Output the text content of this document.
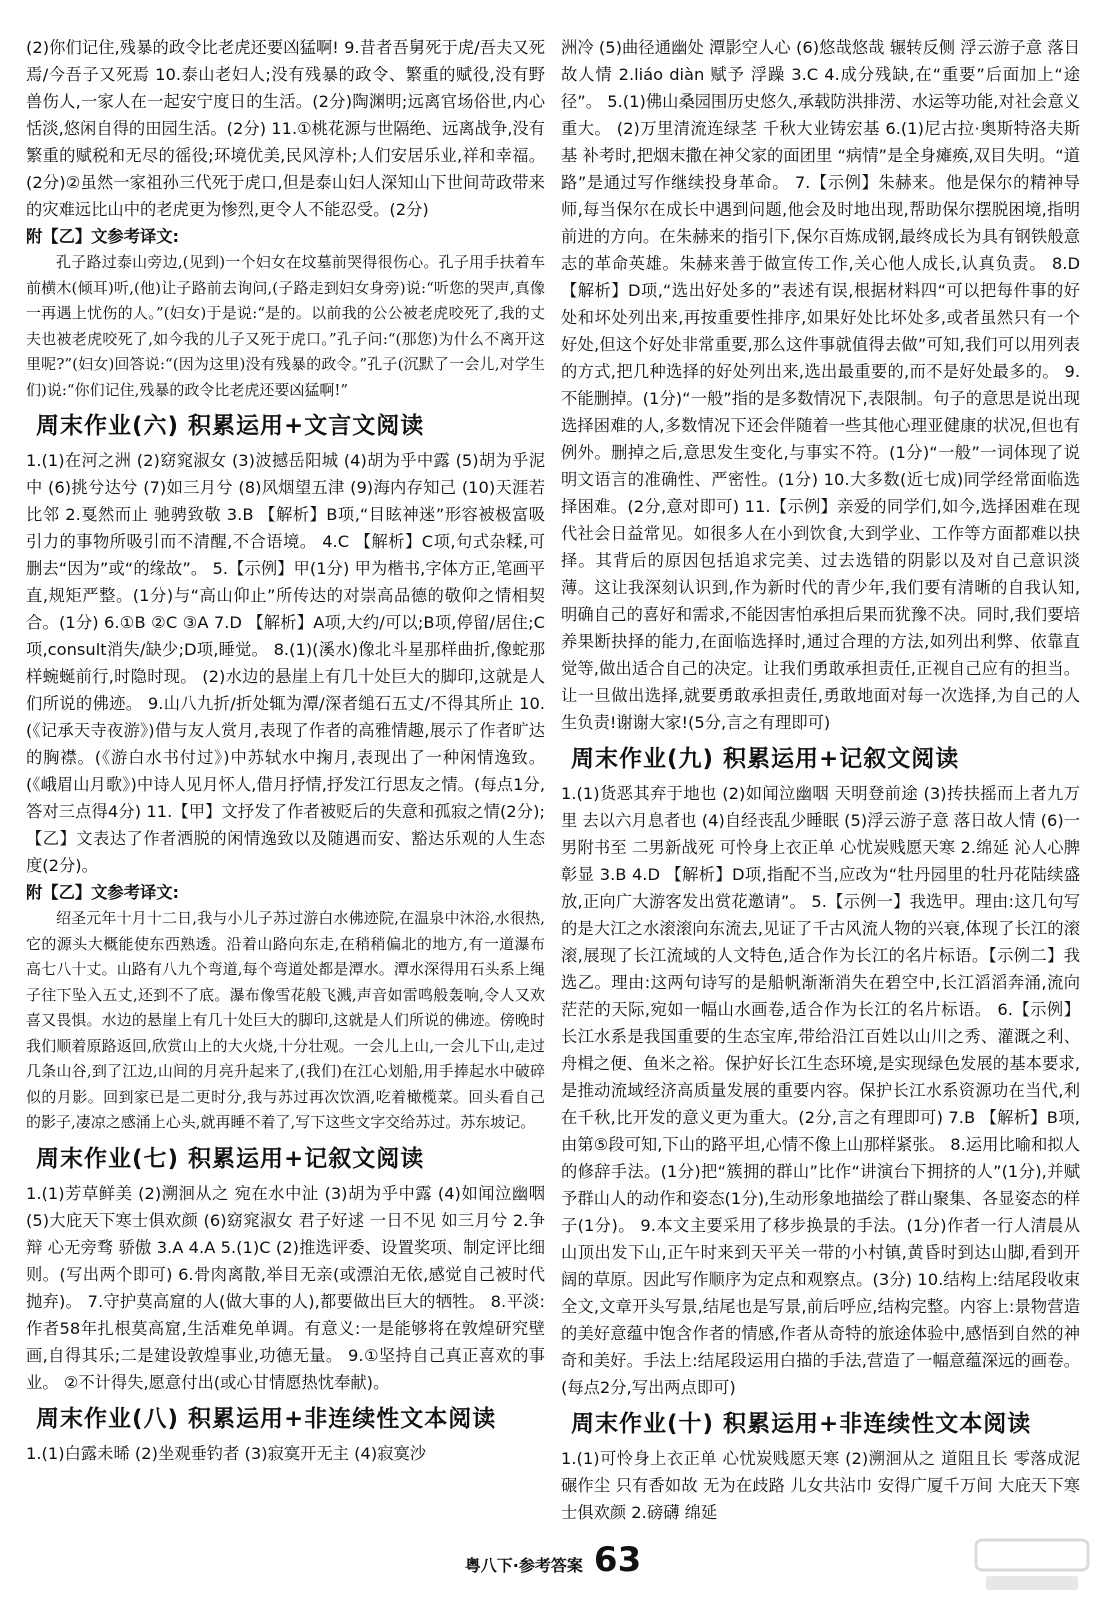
(2)你们记住,残暴的政令比老虎还要凶猛啊! 9.昔者吾舅死于虎/吾夫又死焉/今吾子又死焉 10.泰山老妇人;没有残暴的政令、繁重的赋役,没有野兽伤人,一家人在一起安宁度日的生活。(2分)陶渊明;远离官场俗世,内心恬淡,悠闲自得的田园生活。(2分) 11.①桃花源与世隔绝、远离战争,没有繁重的赋税和无尽的徭役;环境优美,民风淳朴;人们安居乐业,祥和幸福。(2分)②虽然一家祖孙三代死于虎口,但是泰山妇人深知山下世间苛政带来的灾难远比山中的老虎更为惨烈,更令人不能忍受。(2分)

附【乙】文参考译文:

孔子路过泰山旁边,(见到)一个妇女在坟墓前哭得很伤心。孔子用手扶着车前横木(倾耳)听,(他)让子路前去询问,(子路走到妇女身旁)说:“听您的哭声,真像一再遇上忧伤的人。”(妇女)于是说:“是的。以前我的公公被老虎咬死了,我的丈夫也被老虎咬死了,如今我的儿子又死于虎口。”孔子问:“(那您)为什么不离开这里呢?”(妇女)回答说:“(因为这里)没有残暴的政令。”孔子(沉默了一会儿,对学生们)说:“你们记住,残暴的政令比老虎还要凶猛啊!”

周末作业(六) 积累运用+文言文阅读

1.(1)在河之洲 (2)窈窕淑女 (3)波撼岳阳城 (4)胡为乎中露 (5)胡为乎泥中 (6)挑兮达兮 (7)如三月兮 (8)风烟望五津 (9)海内存知己 (10)天涯若比邻 2.戛然而止 驰骋致敬 3.B 【解析】B项,“目眩神迷”形容被极富吸引力的事物所吸引而不清醒,不合语境。 4.C 【解析】C项,句式杂糅,可删去“因为”或“的缘故”。 5.【示例】甲(1分) 甲为楷书,字体方正,笔画平直,规矩严整。(1分)与“高山仰止”所传达的对崇高品德的敬仰之情相契合。(1分) 6.①B ②C ③A 7.D 【解析】A项,大约/可以;B项,停留/居住;C项,consult消失/缺少;D项,睡觉。 8.(1)(溪水)像北斗星那样曲折,像蛇那样蜿蜒前行,时隐时现。 (2)水边的悬崖上有几十处巨大的脚印,这就是人们所说的佛迹。 9.山八九折/折处辄为潭/深者缒石五丈/不得其所止 10.(《记承天寺夜游》)借与友人赏月,表现了作者的高雅情趣,展示了作者旷达的胸襟。(《游白水书付过》)中苏轼水中掬月,表现出了一种闲情逸致。(《峨眉山月歌》)中诗人见月怀人,借月抒情,抒发江行思友之情。(每点1分,答对三点得4分) 11.【甲】文抒发了作者被贬后的失意和孤寂之情(2分);【乙】文表达了作者洒脱的闲情逸致以及随遇而安、豁达乐观的人生态度(2分)。

附【乙】文参考译文:

绍圣元年十月十二日,我与小儿子苏过游白水佛迹院,在温泉中沐浴,水很热,它的源头大概能使东西熟透。沿着山路向东走,在稍稍偏北的地方,有一道瀑布高七八十丈。山路有八九个弯道,每个弯道处都是潭水。潭水深得用石头系上绳子往下坠入五丈,还到不了底。瀑布像雪花般飞溅,声音如雷鸣般轰响,令人又欢喜又畏惧。水边的悬崖上有几十处巨大的脚印,这就是人们所说的佛迹。傍晚时我们顺着原路返回,欣赏山上的大火烧,十分壮观。一会儿上山,一会儿下山,走过几条山谷,到了江边,山间的月亮升起来了,(我们)在江心划船,用手捧起水中破碎似的月影。回到家已是二更时分,我与苏过再次饮酒,吃着橄榄菜。回头看自己的影子,凄凉之感涌上心头,就再睡不着了,写下这些文字交给苏过。苏东坡记。

周末作业(七) 积累运用+记叙文阅读

1.(1)芳草鲜美 (2)溯洄从之 宛在水中沚 (3)胡为乎中露 (4)如闻泣幽咽 (5)大庇天下寒士俱欢颜 (6)窈窕淑女 君子好逑 一日不见 如三月兮 2.争辩 心无旁骛 骄傲 3.A 4.A 5.(1)C (2)推选评委、设置奖项、制定评比细则。(写出两个即可) 6.骨肉离散,举目无亲(或漂泊无依,感觉自己被时代抛弃)。 7.守护莫高窟的人(做大事的人),都要做出巨大的牺牲。 8.平淡:作者58年扎根莫高窟,生活难免单调。有意义:一是能够将在敦煌研究壁画,自得其乐;二是建设敦煌事业,功德无量。 9.①坚持自己真正喜欢的事业。 ②不计得失,愿意付出(或心甘情愿热忱奉献)。

周末作业(八) 积累运用+非连续性文本阅读

1.(1)白露未晞 (2)坐观垂钓者 (3)寂寞开无主 (4)寂寞沙

洲冷 (5)曲径通幽处 潭影空人心 (6)悠哉悠哉 辗转反侧 浮云游子意 落日故人情 2.liáo diàn 赋予 浮躁 3.C 4.成分残缺,在“重要”后面加上“途径”。 5.(1)佛山桑园围历史悠久,承载防洪排涝、水运等功能,对社会意义重大。 (2)万里清流连绿茎 千秋大业铸宏基 6.(1)尼古拉·奥斯特洛夫斯基 补考时,把烟末撒在神父家的面团里 “病情”是全身瘫痪,双目失明。“道路”是通过写作继续投身革命。 7.【示例】朱赫来。他是保尔的精神导师,每当保尔在成长中遇到问题,他会及时地出现,帮助保尔摆脱困境,指明前进的方向。在朱赫来的指引下,保尔百炼成钢,最终成长为具有钢铁般意志的革命英雄。朱赫来善于做宣传工作,关心他人成长,认真负责。 8.D 【解析】D项,“选出好处多的”表述有误,根据材料四“可以把每件事的好处和坏处列出来,再按重要性排序,如果好处比坏处多,或者虽然只有一个好处,但这个好处非常重要,那么这件事就值得去做”可知,我们可以用列表的方式,把几种选择的好处列出来,选出最重要的,而不是好处最多的。 9.不能删掉。(1分)“一般”指的是多数情况下,表限制。句子的意思是说出现选择困难的人,多数情况下还会伴随着一些其他心理亚健康的状况,但也有例外。删掉之后,意思发生变化,与事实不符。(1分)“一般”一词体现了说明文语言的准确性、严密性。(1分) 10.大多数(近七成)同学经常面临选择困难。(2分,意对即可) 11.【示例】亲爱的同学们,如今,选择困难在现代社会日益常见。如很多人在小到饮食,大到学业、工作等方面都难以抉择。其背后的原因包括追求完美、过去选错的阴影以及对自己意识淡薄。这让我深刻认识到,作为新时代的青少年,我们要有清晰的自我认知,明确自己的喜好和需求,不能因害怕承担后果而犹豫不决。同时,我们要培养果断抉择的能力,在面临选择时,通过合理的方法,如列出利弊、依靠直觉等,做出适合自己的决定。让我们勇敢承担责任,正视自己应有的担当。让一旦做出选择,就要勇敢承担责任,勇敢地面对每一次选择,为自己的人生负责!谢谢大家!(5分,言之有理即可)

周末作业(九) 积累运用+记叙文阅读

1.(1)货恶其弃于地也 (2)如闻泣幽咽 天明登前途 (3)抟扶摇而上者九万里 去以六月息者也 (4)自经丧乱少睡眠 (5)浮云游子意 落日故人情 (6)一男附书至 二男新战死 可怜身上衣正单 心忧炭贱愿天寒 2.绵延 沁人心脾 彰显 3.B 4.D 【解析】D项,指配不当,应改为“牡丹园里的牡丹花陆续盛放,正向广大游客发出赏花邀请”。 5.【示例一】我选甲。理由:这几句写的是大江之水滚滚向东流去,见证了千古风流人物的兴衰,体现了长江的滚滚,展现了长江流域的人文特色,适合作为长江的名片标语。【示例二】我选乙。理由:这两句诗写的是船帆渐渐消失在碧空中,长江滔滔奔涌,流向茫茫的天际,宛如一幅山水画卷,适合作为长江的名片标语。 6.【示例】长江水系是我国重要的生态宝库,带给沿江百姓以山川之秀、灌溉之利、舟楫之便、鱼米之裕。保护好长江生态环境,是实现绿色发展的基本要求,是推动流域经济高质量发展的重要内容。保护长江水系资源功在当代,利在千秋,比开发的意义更为重大。(2分,言之有理即可) 7.B 【解析】B项,由第⑤段可知,下山的路平坦,心情不像上山那样紧张。 8.运用比喻和拟人的修辞手法。(1分)把“簇拥的群山”比作“讲演台下拥挤的人”(1分),并赋予群山人的动作和姿态(1分),生动形象地描绘了群山聚集、各显姿态的样子(1分)。 9.本文主要采用了移步换景的手法。(1分)作者一行人清晨从山顶出发下山,正午时来到天平关一带的小村镇,黄昏时到达山脚,看到开阔的草原。因此写作顺序为定点和观察点。(3分) 10.结构上:结尾段收束全文,文章开头写景,结尾也是写景,前后呼应,结构完整。内容上:景物营造的美好意蕴中饱含作者的情感,作者从奇特的旅途体验中,感悟到自然的神奇和美好。手法上:结尾段运用白描的手法,营造了一幅意蕴深远的画卷。(每点2分,写出两点即可)

周末作业(十) 积累运用+非连续性文本阅读

1.(1)可怜身上衣正单 心忧炭贱愿天寒 (2)溯洄从之 道阻且长 零落成泥碾作尘 只有香如故 无为在歧路 儿女共沾巾 安得广厦千万间 大庇天下寒士俱欢颜 2.磅礴 绵延

粤八下·参考答案 63
